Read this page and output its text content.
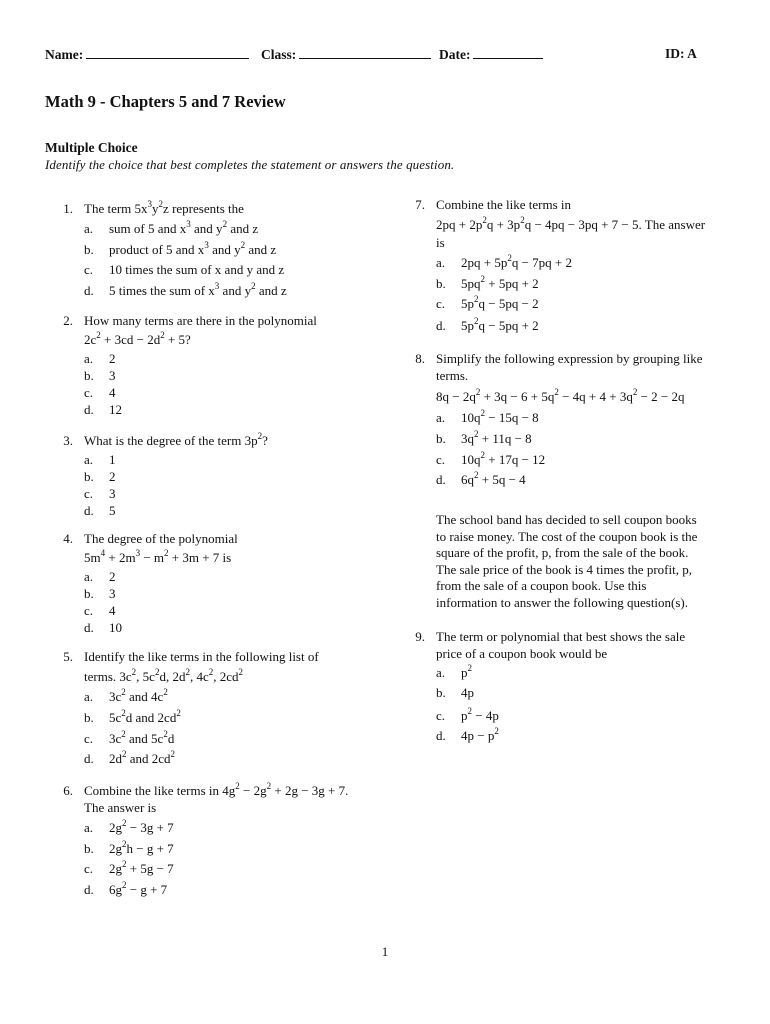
Name:	Class:	Date:	ID: A
Math 9 - Chapters 5 and 7 Review
Multiple Choice
Identify the choice that best completes the statement or answers the question.
1. The term $5x^3y^2z$ represents the
a. sum of 5 and $x^3$ and $y^2$ and z
b. product of 5 and $x^3$ and $y^2$ and z
c. 10 times the sum of x and y and z
d. 5 times the sum of $x^3$ and $y^2$ and z
2. How many terms are there in the polynomial
$2c^2 + 3cd - 2d^2 + 5$?
a. 2
b. 3
c. 4
d. 12
3. What is the degree of the term $3p^2$?
a. 1
b. 2
c. 3
d. 5
4. The degree of the polynomial
$5m^4 + 2m^3 - m^2 + 3m + 7$ is
a. 2
b. 3
c. 4
d. 10
5. Identify the like terms in the following list of
terms. $3c^2$, $5c^2d$, $2d^2$, $4c^2$, $2cd^2$
a. $3c^2$ and $4c^2$
b. $5c^2d$ and $2cd^2$
c. $3c^2$ and $5c^2d$
d. $2d^2$ and $2cd^2$
6. Combine the like terms in $4g^2 - 2g^2 + 2g - 3g + 7$.
The answer is
a. $2g^2 - 3g + 7$
b. $2g^2h - g + 7$
c. $2g^2 + 5g - 7$
d. $6g^2 - g + 7$
7. Combine the like terms in
$2pq + 2p^2q + 3p^2q - 4pq - 3pq + 7 - 5$. The answer
is
a. $2pq + 5p^2q - 7pq + 2$
b. $5pq^2 + 5pq + 2$
c. $5p^2q - 5pq - 2$
d. $5p^2q - 5pq + 2$
8. Simplify the following expression by grouping like
terms.
$8q - 2q^2 + 3q - 6 + 5q^2 - 4q + 4 + 3q^2 - 2 - 2q$
a. $10q^2 - 15q - 8$
b. $3q^2 + 11q - 8$
c. $10q^2 + 17q - 12$
d. $6q^2 + 5q - 4$
9. The term or polynomial that best shows the sale
price of a coupon book would be
a. $p^2$
b. 4p
c. $p^2 - 4p$
d. $4p - p^2$
The school band has decided to sell coupon books
to raise money. The cost of the coupon book is the
square of the profit, p, from the sale of the book.
The sale price of the book is 4 times the profit, p,
from the sale of a coupon book. Use this
information to answer the following question(s).
1
